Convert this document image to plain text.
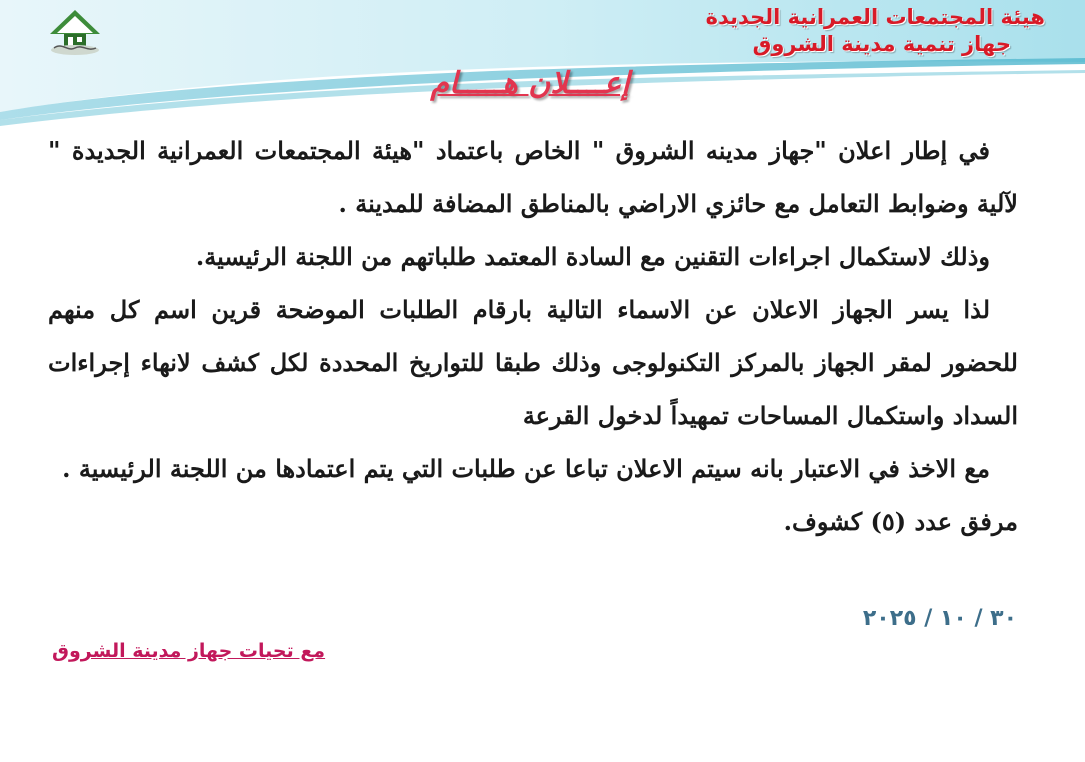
هيئة المجتمعات العمرانية الجديدة
جهاز تنمية مدينة الشروق
إعــــلان هـــــام

في إطار اعلان "جهاز مدينه الشروق " الخاص باعتماد "هيئة المجتمعات العمرانية الجديدة " لآلية وضوابط التعامل مع حائزي الاراضي بالمناطق المضافة للمدينة .

وذلك لاستكمال اجراءات التقنين مع السادة المعتمد طلباتهم من اللجنة الرئيسية.

لذا يسر الجهاز الاعلان عن الاسماء التالية بارقام الطلبات الموضحة قرين اسم كل منهم للحضور لمقر الجهاز بالمركز التكنولوجى وذلك طبقا للتواريخ المحددة لكل كشف لانهاء إجراءات السداد واستكمال المساحات تمهيداً لدخول القرعة

مع الاخذ في الاعتبار بانه سيتم الاعلان تباعا عن طلبات التي يتم اعتمادها من اللجنة الرئيسية .

مرفق عدد (٥) كشوف.

٣٠ / ١٠ / ٢٠٢٥
مع تحيات جهاز مدينة الشروق
